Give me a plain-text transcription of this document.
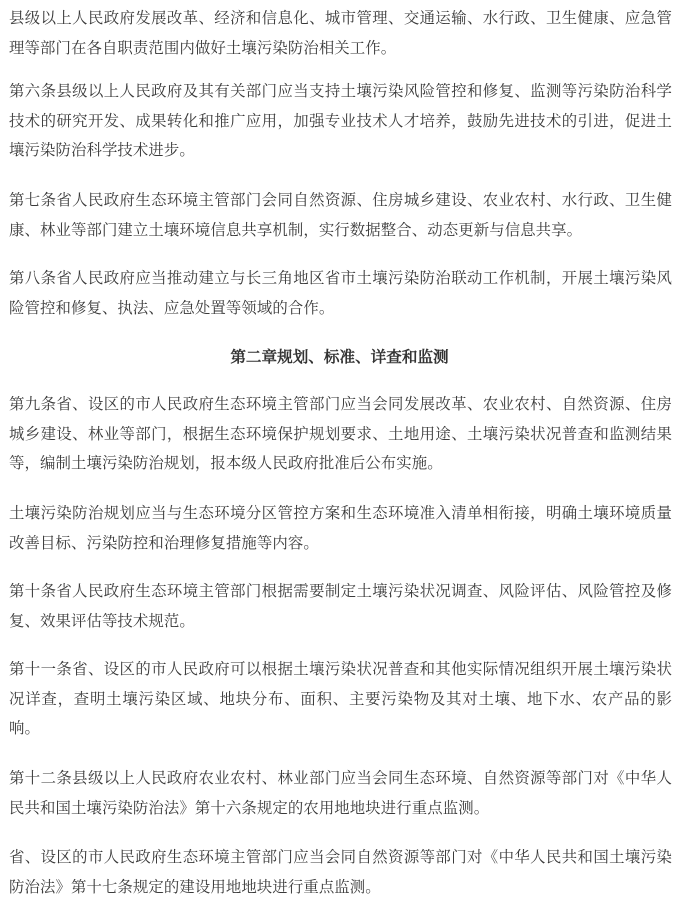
县级以上人民政府发展改革、经济和信息化、城市管理、交通运输、水行政、卫生健康、应急管理等部门在各自职责范围内做好土壤污染防治相关工作。

第六条县级以上人民政府及其有关部门应当支持土壤污染风险管控和修复、监测等污染防治科学技术的研究开发、成果转化和推广应用，加强专业技术人才培养，鼓励先进技术的引进，促进土壤污染防治科学技术进步。

第七条省人民政府生态环境主管部门会同自然资源、住房城乡建设、农业农村、水行政、卫生健康、林业等部门建立土壤环境信息共享机制，实行数据整合、动态更新与信息共享。

第八条省人民政府应当推动建立与长三角地区省市土壤污染防治联动工作机制，开展土壤污染风险管控和修复、执法、应急处置等领域的合作。

第二章规划、标准、详查和监测

第九条省、设区的市人民政府生态环境主管部门应当会同发展改革、农业农村、自然资源、住房城乡建设、林业等部门，根据生态环境保护规划要求、土地用途、土壤污染状况普查和监测结果等，编制土壤污染防治规划，报本级人民政府批准后公布实施。

土壤污染防治规划应当与生态环境分区管控方案和生态环境准入清单相衔接，明确土壤环境质量改善目标、污染防控和治理修复措施等内容。

第十条省人民政府生态环境主管部门根据需要制定土壤污染状况调查、风险评估、风险管控及修复、效果评估等技术规范。

第十一条省、设区的市人民政府可以根据土壤污染状况普查和其他实际情况组织开展土壤污染状况详查，查明土壤污染区域、地块分布、面积、主要污染物及其对土壤、地下水、农产品的影响。

第十二条县级以上人民政府农业农村、林业部门应当会同生态环境、自然资源等部门对《中华人民共和国土壤污染防治法》第十六条规定的农用地地块进行重点监测。

省、设区的市人民政府生态环境主管部门应当会同自然资源等部门对《中华人民共和国土壤污染防治法》第十七条规定的建设用地地块进行重点监测。
